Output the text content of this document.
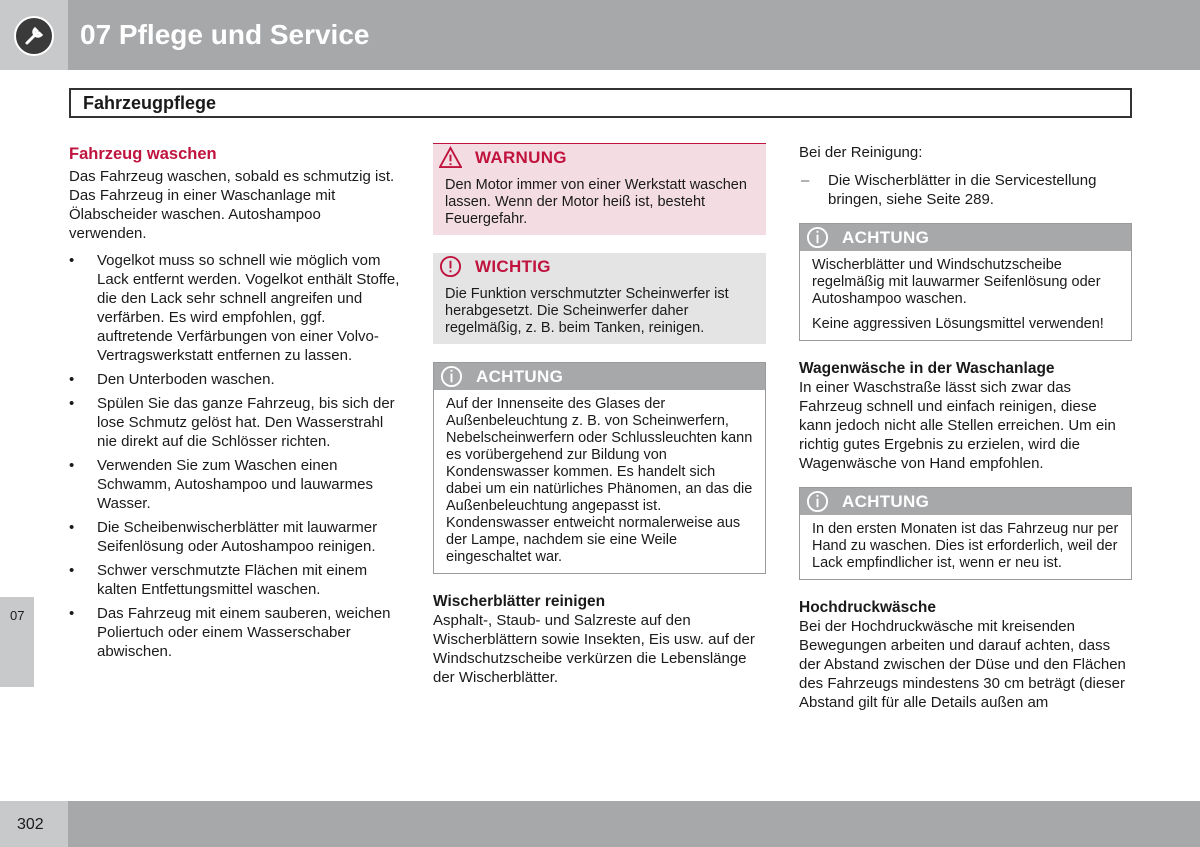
07 Pflege und Service
Fahrzeugpflege
07
Fahrzeug waschen

Das Fahrzeug waschen, sobald es schmutzig ist. Das Fahrzeug in einer Waschanlage mit Ölabscheider waschen. Autoshampoo verwenden.

• Vogelkot muss so schnell wie möglich vom Lack entfernt werden. Vogelkot enthält Stoffe, die den Lack sehr schnell angreifen und verfärben. Es wird empfohlen, ggf. auftretende Verfärbungen von einer Volvo-Vertragswerkstatt entfernen zu lassen.
• Den Unterboden waschen.
• Spülen Sie das ganze Fahrzeug, bis sich der lose Schmutz gelöst hat. Den Wasserstrahl nie direkt auf die Schlösser richten.
• Verwenden Sie zum Waschen einen Schwamm, Autoshampoo und lauwarmes Wasser.
• Die Scheibenwischerblätter mit lauwarmer Seifenlösung oder Autoshampoo reinigen.
• Schwer verschmutzte Flächen mit einem kalten Entfettungsmittel waschen.
• Das Fahrzeug mit einem sauberen, weichen Poliertuch oder einem Wasserschaber abwischen.
WARNUNG

Den Motor immer von einer Werkstatt waschen lassen. Wenn der Motor heiß ist, besteht Feuergefahr.

WICHTIG

Die Funktion verschmutzter Scheinwerfer ist herabgesetzt. Die Scheinwerfer daher regelmäßig, z. B. beim Tanken, reinigen.

ACHTUNG

Auf der Innenseite des Glases der Außenbeleuchtung z. B. von Scheinwerfern, Nebelscheinwerfern oder Schlussleuchten kann es vorübergehend zur Bildung von Kondenswasser kommen. Es handelt sich dabei um ein natürliches Phänomen, an das die Außenbeleuchtung angepasst ist. Kondenswasser entweicht normalerweise aus der Lampe, nachdem sie eine Weile eingeschaltet war.

Wischerblätter reinigen

Asphalt-, Staub- und Salzreste auf den Wischerblättern sowie Insekten, Eis usw. auf der Windschutzscheibe verkürzen die Lebenslänge der Wischerblätter.

Bei der Reinigung:

– Die Wischerblätter in die Servicestellung bringen, siehe Seite 289.
ACHTUNG

Wischerblätter und Windschutzscheibe regelmäßig mit lauwarmer Seifenlösung oder Autoshampoo waschen.

Keine aggressiven Lösungsmittel verwenden!

Wagenwäsche in der Waschanlage

In einer Waschstraße lässt sich zwar das Fahrzeug schnell und einfach reinigen, diese kann jedoch nicht alle Stellen erreichen. Um ein richtig gutes Ergebnis zu erzielen, wird die Wagenwäsche von Hand empfohlen.

ACHTUNG

In den ersten Monaten ist das Fahrzeug nur per Hand zu waschen. Dies ist erforderlich, weil der Lack empfindlicher ist, wenn er neu ist.

Hochdruckwäsche

Bei der Hochdruckwäsche mit kreisenden Bewegungen arbeiten und darauf achten, dass der Abstand zwischen der Düse und den Flächen des Fahrzeugs mindestens 30 cm beträgt (dieser Abstand gilt für alle Details außen am

302
